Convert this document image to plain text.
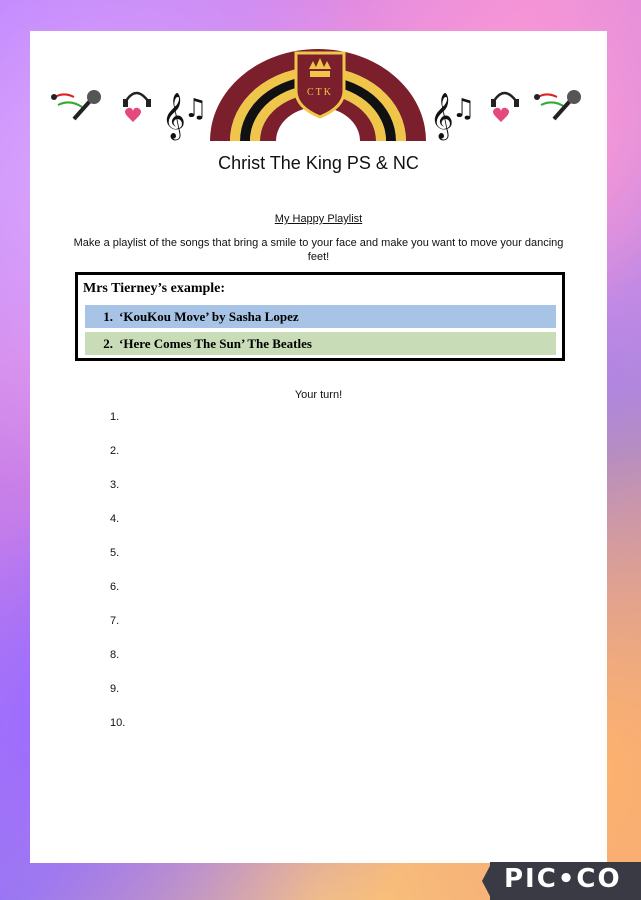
𝄞
♫
CTK
𝄞
♫
Christ The King PS & NC
My Happy Playlist
Make a playlist of the songs that bring a smile to your face and make you want to move your dancing feet!
Mrs Tierney’s example:
1. ‘KouKou Move’ by Sasha Lopez
2. ‘Here Comes The Sun’ The Beatles
Your turn!
1.
2.
3.
4.
5.
6.
7.
8.
9.
10.
PIC•CO
